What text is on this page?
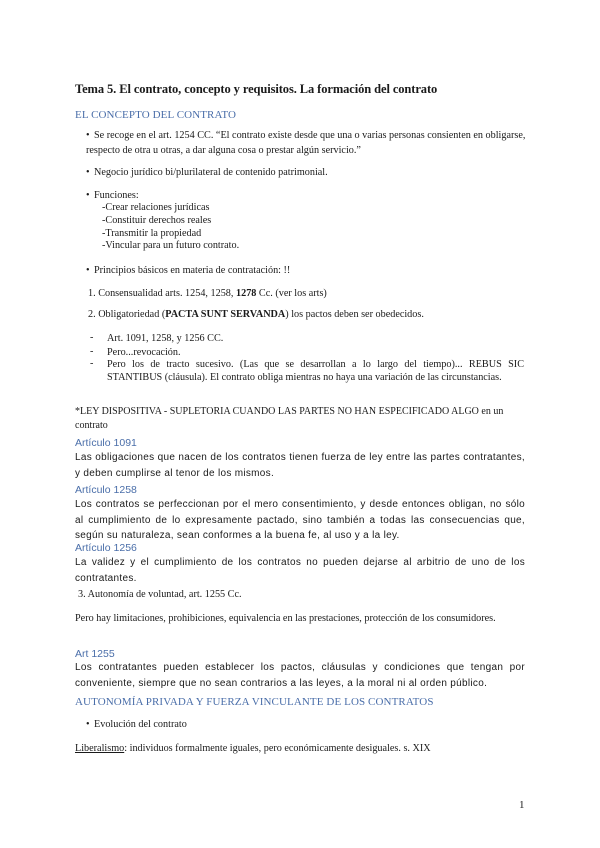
Tema 5. El contrato, concepto y requisitos. La formación del contrato
EL CONCEPTO DEL CONTRATO
• Se recoge en el art. 1254 CC. “El contrato existe desde que una o varias personas consienten en obligarse, respecto de otra u otras, a dar alguna cosa o prestar algún servicio.”
• Negocio jurídico bi/plurilateral de contenido patrimonial.
• Funciones:
-Crear relaciones jurídicas
-Constituir derechos reales
-Transmitir la propiedad
-Vincular para un futuro contrato.
• Principios básicos en materia de contratación: !!
1. Consensualidad arts. 1254, 1258, 1278 Cc. (ver los arts)
2. Obligatoriedad (PACTA SUNT SERVANDA) los pactos deben ser obedecidos.
- Art. 1091, 1258, y 1256 CC.
- Pero...revocación.
- Pero los de tracto sucesivo. (Las que se desarrollan a lo largo del tiempo)... REBUS SIC STANTIBUS (cláusula). El contrato obliga mientras no haya una variación de las circunstancias.
*LEY DISPOSITIVA - SUPLETORIA CUANDO LAS PARTES NO HAN ESPECIFICADO ALGO en un contrato
Artículo 1091
Las obligaciones que nacen de los contratos tienen fuerza de ley entre las partes contratantes, y deben cumplirse al tenor de los mismos.
Artículo 1258
Los contratos se perfeccionan por el mero consentimiento, y desde entonces obligan, no sólo al cumplimiento de lo expresamente pactado, sino también a todas las consecuencias que, según su naturaleza, sean conformes a la buena fe, al uso y a la ley.
Artículo 1256
La validez y el cumplimiento de los contratos no pueden dejarse al arbitrio de uno de los contratantes.
3. Autonomía de voluntad, art. 1255 Cc.
Pero hay limitaciones, prohibiciones, equivalencia en las prestaciones, protección de los consumidores.
Art 1255
Los contratantes pueden establecer los pactos, cláusulas y condiciones que tengan por conveniente, siempre que no sean contrarios a las leyes, a la moral ni al orden público.
AUTONOMÍA PRIVADA Y FUERZA VINCULANTE DE LOS CONTRATOS
• Evolución del contrato
Liberalismo: individuos formalmente iguales, pero económicamente desiguales. s. XIX
1
